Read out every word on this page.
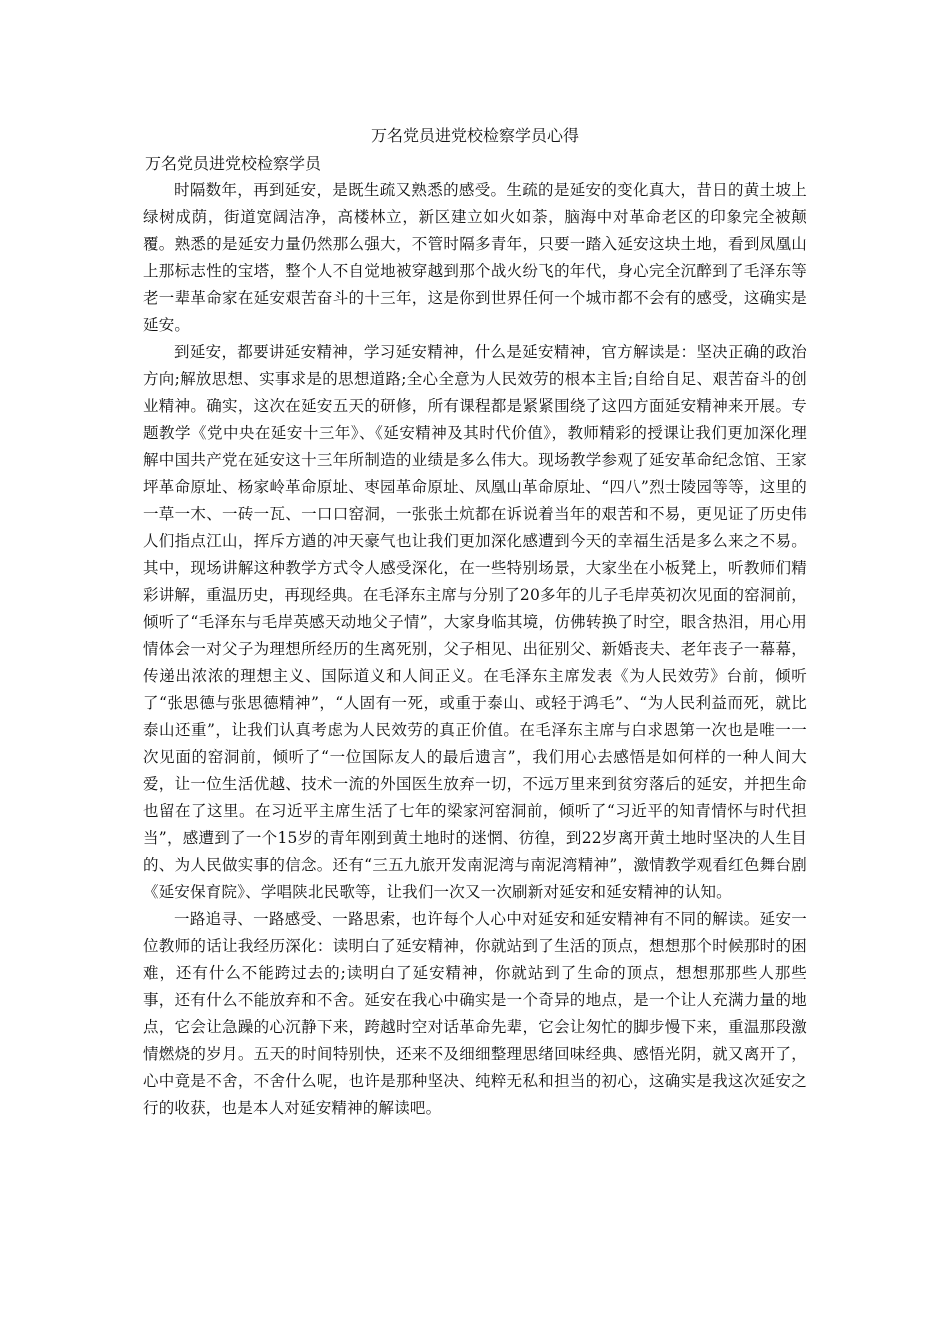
万名党员进党校检察学员心得

万名党员进党校检察学员

时隔数年，再到延安，是既生疏又熟悉的感受。生疏的是延安的变化真大，昔日的黄土坡上绿树成荫，街道宽阔洁净，高楼林立，新区建立如火如荼，脑海中对革命老区的印象完全被颠覆。熟悉的是延安力量仍然那么强大，不管时隔多青年，只要一踏入延安这块土地，看到凤凰山上那标志性的宝塔，整个人不自觉地被穿越到那个战火纷飞的年代，身心完全沉醉到了毛泽东等老一辈革命家在延安艰苦奋斗的十三年，这是你到世界任何一个城市都不会有的感受，这确实是延安。

到延安，都要讲延安精神，学习延安精神，什么是延安精神，官方解读是：坚决正确的政治方向;解放思想、实事求是的思想道路;全心全意为人民效劳的根本主旨;自给自足、艰苦奋斗的创业精神。确实，这次在延安五天的研修，所有课程都是紧紧围绕了这四方面延安精神来开展。专题教学《党中央在延安十三年》、《延安精神及其时代价值》，教师精彩的授课让我们更加深化理解中国共产党在延安这十三年所制造的业绩是多么伟大。现场教学参观了延安革命纪念馆、王家坪革命原址、杨家岭革命原址、枣园革命原址、凤凰山革命原址、“四八”烈士陵园等等，这里的一草一木、一砖一瓦、一口口窑洞，一张张土炕都在诉说着当年的艰苦和不易，更见证了历史伟人们指点江山，挥斥方遒的冲天豪气也让我们更加深化感遭到今天的幸福生活是多么来之不易。其中，现场讲解这种教学方式令人感受深化，在一些特别场景，大家坐在小板凳上，听教师们精彩讲解，重温历史，再现经典。在毛泽东主席与分别了20多年的儿子毛岸英初次见面的窑洞前，倾听了“毛泽东与毛岸英感天动地父子情”，大家身临其境，仿佛转换了时空，眼含热泪，用心用情体会一对父子为理想所经历的生离死别，父子相见、出征别父、新婚丧夫、老年丧子一幕幕，传递出浓浓的理想主义、国际道义和人间正义。在毛泽东主席发表《为人民效劳》台前，倾听了“张思德与张思德精神”，“人固有一死，或重于泰山、或轻于鸿毛”、“为人民利益而死，就比泰山还重”，让我们认真考虑为人民效劳的真正价值。在毛泽东主席与白求恩第一次也是唯一一次见面的窑洞前，倾听了“一位国际友人的最后遗言”，我们用心去感悟是如何样的一种人间大爱，让一位生活优越、技术一流的外国医生放弃一切，不远万里来到贫穷落后的延安，并把生命也留在了这里。在习近平主席生活了七年的梁家河窑洞前，倾听了“习近平的知青情怀与时代担当”，感遭到了一个15岁的青年刚到黄土地时的迷惘、彷徨，到22岁离开黄土地时坚决的人生目的、为人民做实事的信念。还有“三五九旅开发南泥湾与南泥湾精神”，激情教学观看红色舞台剧《延安保育院》、学唱陕北民歌等，让我们一次又一次刷新对延安和延安精神的认知。

一路追寻、一路感受、一路思索，也许每个人心中对延安和延安精神有不同的解读。延安一位教师的话让我经历深化：读明白了延安精神，你就站到了生活的顶点，想想那个时候那时的困难，还有什么不能跨过去的;读明白了延安精神，你就站到了生命的顶点，想想那那些人那些事，还有什么不能放弃和不舍。延安在我心中确实是一个奇异的地点，是一个让人充满力量的地点，它会让急躁的心沉静下来，跨越时空对话革命先辈，它会让匆忙的脚步慢下来，重温那段激情燃烧的岁月。五天的时间特别快，还来不及细细整理思绪回味经典、感悟光阴，就又离开了，心中竟是不舍，不舍什么呢，也许是那种坚决、纯粹无私和担当的初心，这确实是我这次延安之行的收获，也是本人对延安精神的解读吧。
